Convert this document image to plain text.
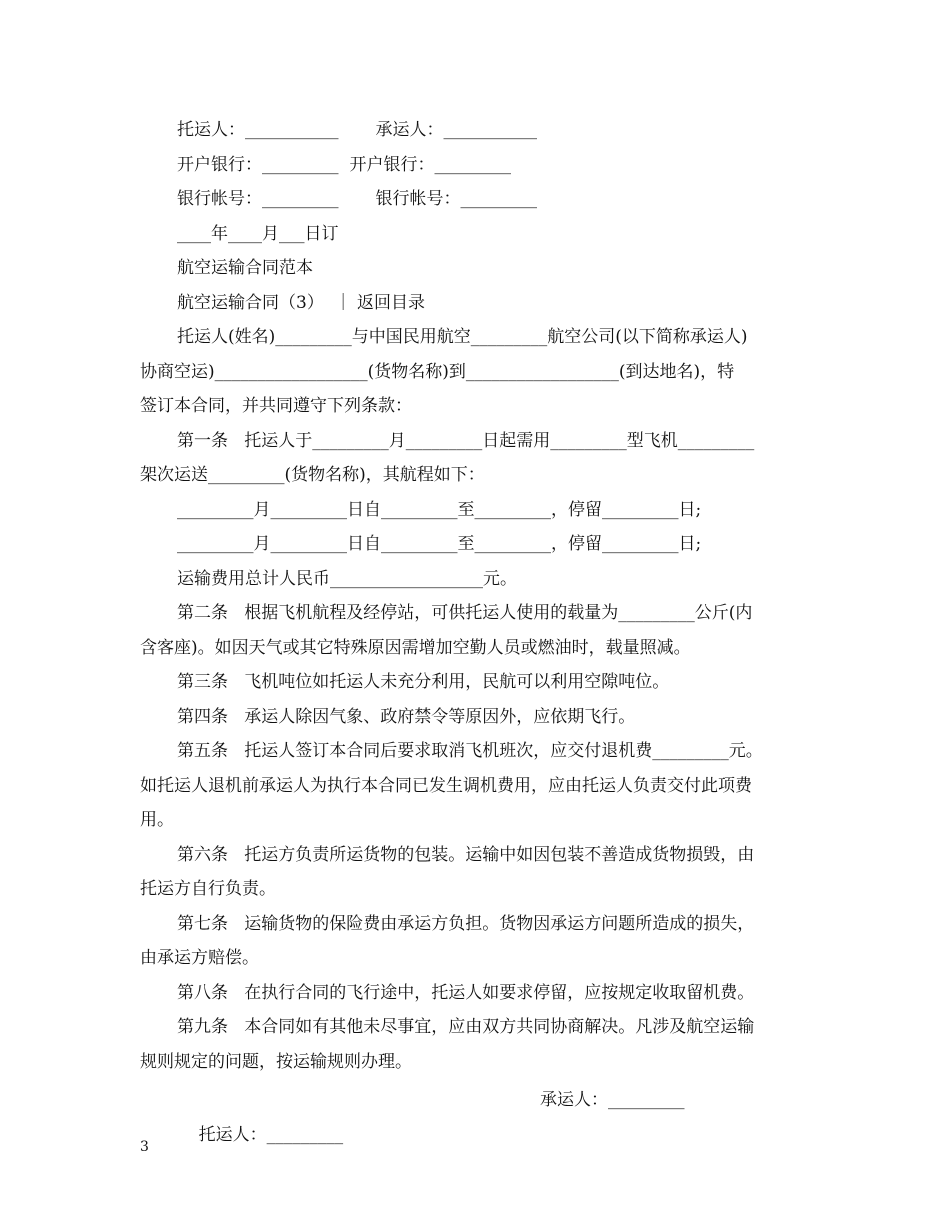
托运人：___________ 承运人：___________
开户银行：_________ 开户银行：_________
银行帐号：_________ 银行帐号：_________
____年____月___日订
航空运输合同范本
航空运输合同（3）  ｜ 返回目录
托运人(姓名)_________与中国民用航空_________航空公司(以下简称承运人)
协商空运)__________________(货物名称)到__________________(到达地名)，特
签订本合同，并共同遵守下列条款：
第一条   托运人于_________月_________日起需用_________型飞机_________
架次运送_________(货物名称)，其航程如下：
_________月_________日自_________至_________，停留_________日;
_________月_________日自_________至_________，停留_________日;
运输费用总计人民币__________________元。
第二条   根据飞机航程及经停站，可供托运人使用的载量为_________公斤(内
含客座)。如因天气或其它特殊原因需增加空勤人员或燃油时，载量照减。
第三条   飞机吨位如托运人未充分利用，民航可以利用空隙吨位。
第四条   承运人除因气象、政府禁令等原因外，应依期飞行。
第五条   托运人签订本合同后要求取消飞机班次，应交付退机费_________元。
如托运人退机前承运人为执行本合同已发生调机费用，应由托运人负责交付此项费
用。
第六条   托运方负责所运货物的包装。运输中如因包装不善造成货物损毁，由
托运方自行负责。
第七条   运输货物的保险费由承运方负担。货物因承运方问题所造成的损失，
由承运方赔偿。
第八条   在执行合同的飞行途中，托运人如要求停留，应按规定收取留机费。
第九条   本合同如有其他未尽事宜，应由双方共同协商解决。凡涉及航空运输
规则规定的问题，按运输规则办理。

托运人：_________

承运人：_________

3
